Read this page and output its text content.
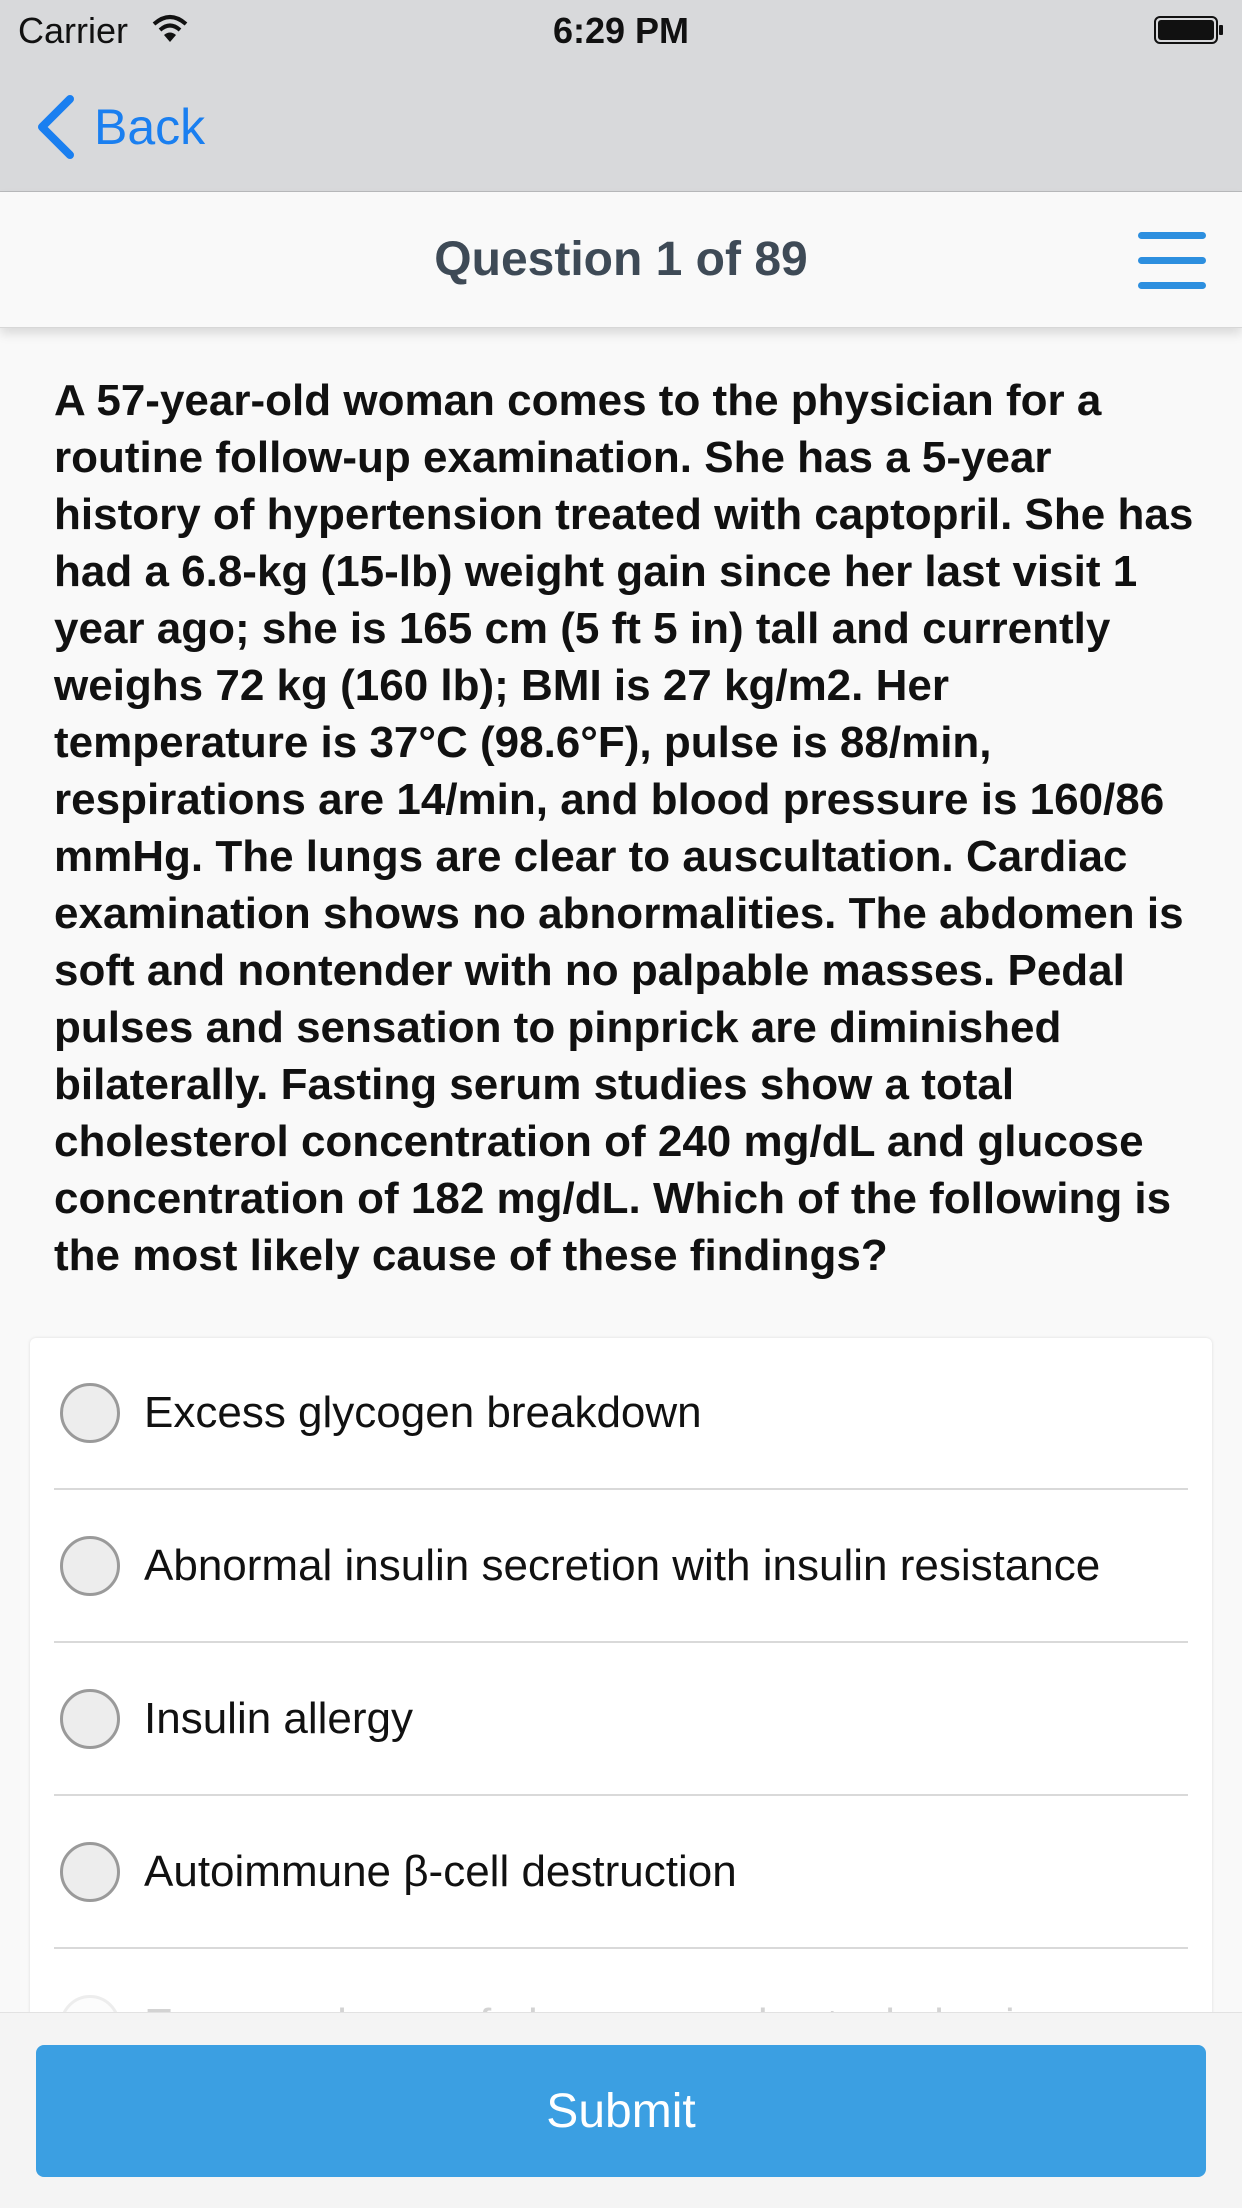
Carrier	6:29 PM
Back
Question 1 of 89
A 57-year-old woman comes to the physician for a routine follow-up examination. She has a 5-year history of hypertension treated with captopril. She has had a 6.8-kg (15-lb) weight gain since her last visit 1 year ago; she is 165 cm (5 ft 5 in) tall and currently weighs 72 kg (160 lb); BMI is 27 kg/m2. Her temperature is 37°C (98.6°F), pulse is 88/min, respirations are 14/min, and blood pressure is 160/86 mmHg. The lungs are clear to auscultation. Cardiac examination shows no abnormalities. The abdomen is soft and nontender with no palpable masses. Pedal pulses and sensation to pinprick are diminished bilaterally. Fasting serum studies show a total cholesterol concentration of 240 mg/dL and glucose concentration of 182 mg/dL. Which of the following is the most likely cause of these findings?
Excess glycogen breakdown
Abnormal insulin secretion with insulin resistance
Insulin allergy
Autoimmune β-cell destruction
Submit
